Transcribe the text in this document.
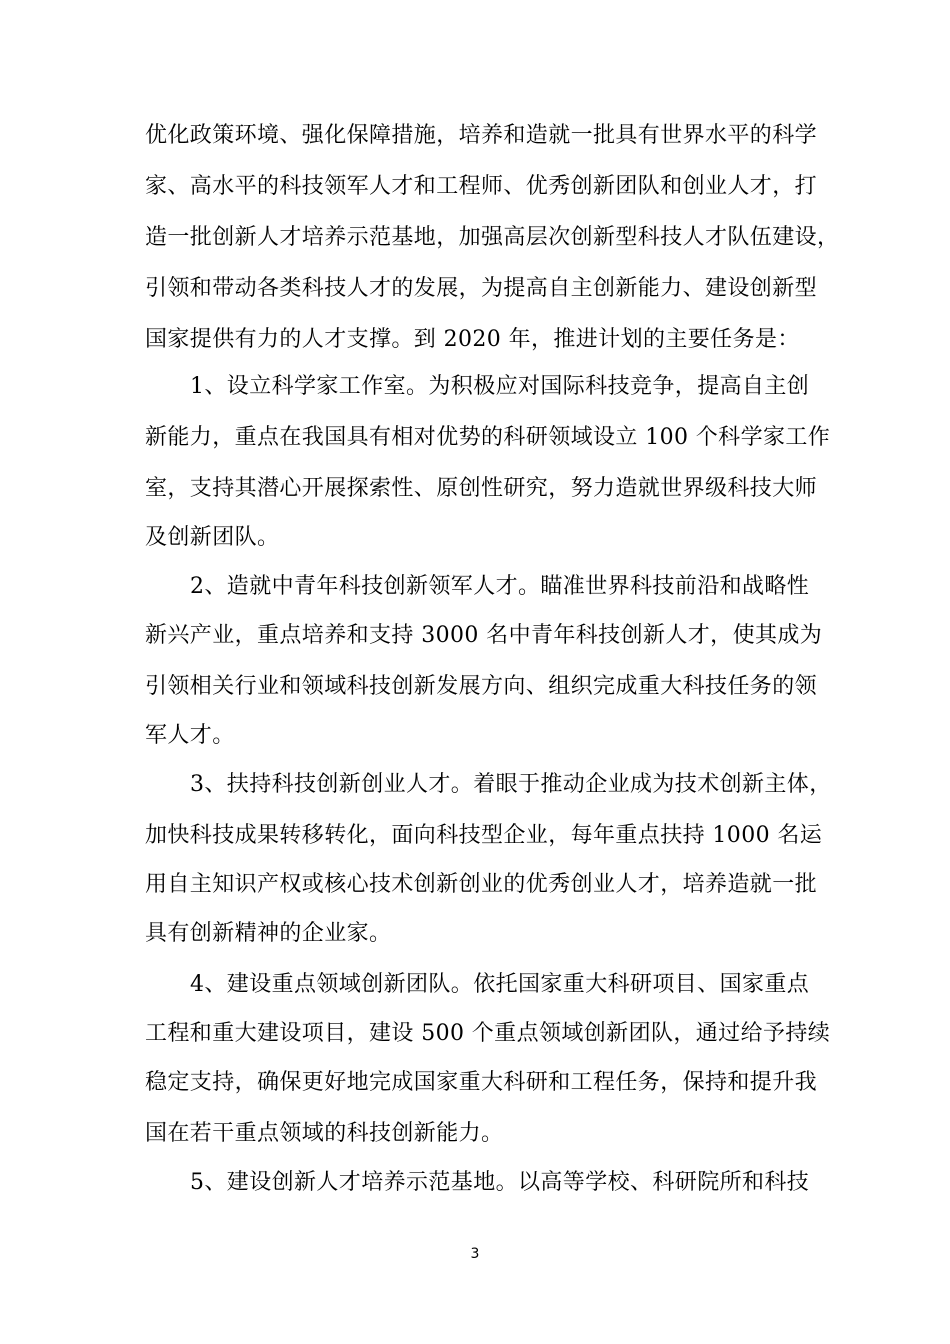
优化政策环境、强化保障措施，培养和造就一批具有世界水平的科学
家、高水平的科技领军人才和工程师、优秀创新团队和创业人才，打
造一批创新人才培养示范基地，加强高层次创新型科技人才队伍建设，
引领和带动各类科技人才的发展，为提高自主创新能力、建设创新型
国家提供有力的人才支撑。到 2020 年，推进计划的主要任务是：
1、设立科学家工作室。为积极应对国际科技竞争，提高自主创
新能力，重点在我国具有相对优势的科研领域设立 100 个科学家工作
室，支持其潜心开展探索性、原创性研究，努力造就世界级科技大师
及创新团队。
2、造就中青年科技创新领军人才。瞄准世界科技前沿和战略性
新兴产业，重点培养和支持 3000 名中青年科技创新人才，使其成为
引领相关行业和领域科技创新发展方向、组织完成重大科技任务的领
军人才。
3、扶持科技创新创业人才。着眼于推动企业成为技术创新主体，
加快科技成果转移转化，面向科技型企业，每年重点扶持 1000 名运
用自主知识产权或核心技术创新创业的优秀创业人才，培养造就一批
具有创新精神的企业家。
4、建设重点领域创新团队。依托国家重大科研项目、国家重点
工程和重大建设项目，建设 500 个重点领域创新团队，通过给予持续
稳定支持，确保更好地完成国家重大科研和工程任务，保持和提升我
国在若干重点领域的科技创新能力。
5、建设创新人才培养示范基地。以高等学校、科研院所和科技
3
